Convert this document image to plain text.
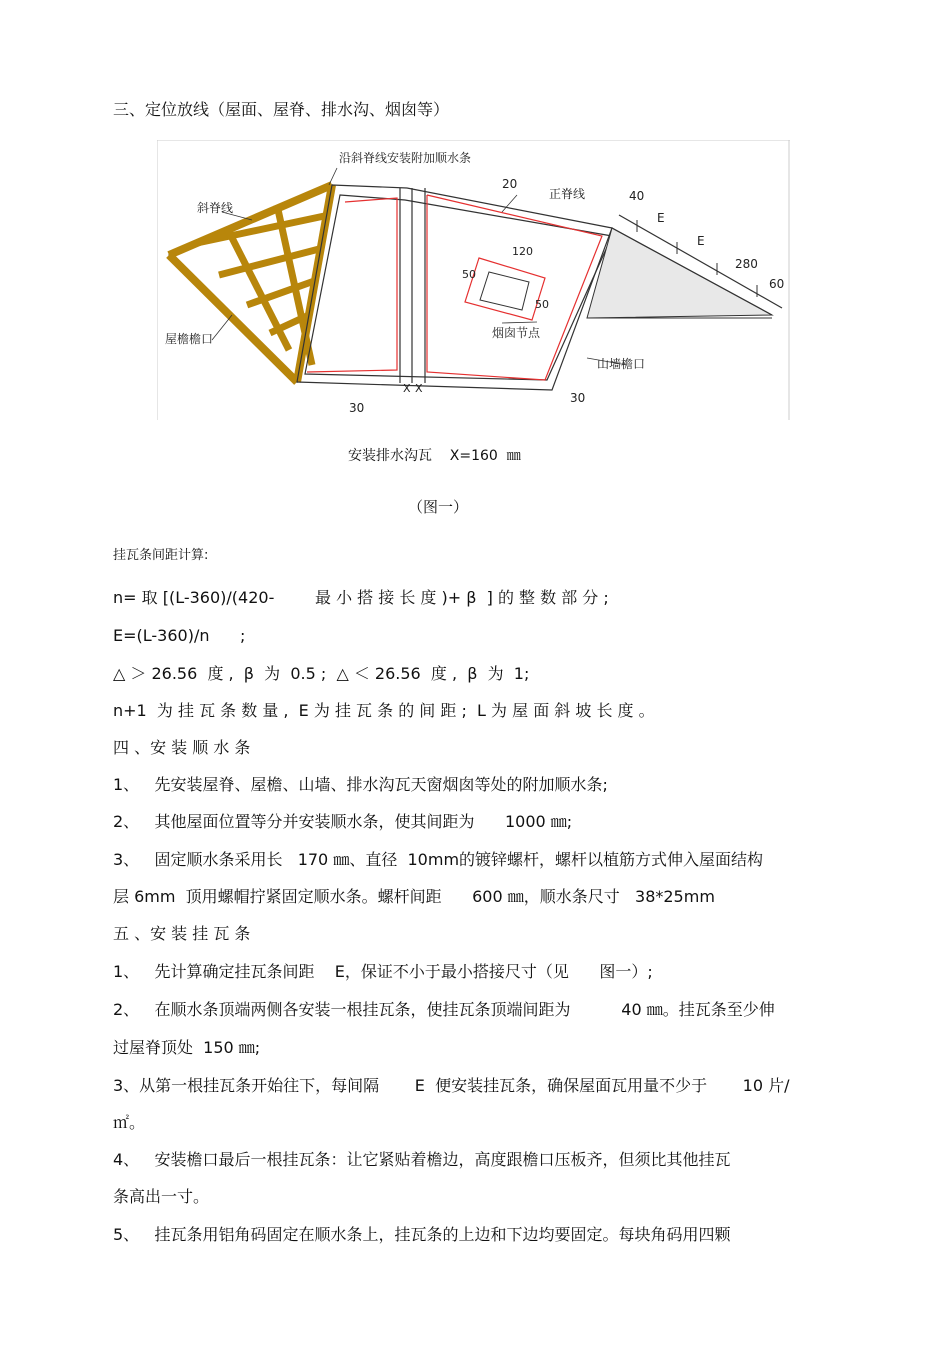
三、定位放线（屋面、屋脊、排水沟、烟囱等）
沿斜脊线安装附加顺水条
斜脊线
正脊线
屋檐檐口	烟囱节点
山墙檐口
20
40
120
50
50
E
E
280
60
30
30
X X
安装排水沟瓦    X=160  ㎜
（图一）
挂瓦条间距计算:
n= 取 [(L-360)/(420-	最 小 搭 接 长 度 )+ β  ] 的 整 数 部 分 ;
E=(L-360)/n      ;
△ ＞ 26.56  度 ,  β  为  0.5 ;  △ ＜ 26.56  度 ,  β  为  1;
n+1  为 挂 瓦 条 数 量 ,  E 为 挂 瓦 条 的 间 距 ;  L 为 屋 面 斜 坡 长 度 。
四 、安 装 顺 水 条
1、   先安装屋脊、屋檐、山墙、排水沟瓦天窗烟囱等处的附加顺水条;
2、   其他屋面位置等分并安装顺水条，使其间距为      1000 ㎜;
3、   固定顺水条采用长   170 ㎜、直径  10mm的镀锌螺杆，螺杆以植筋方式伸入屋面结构
层 6mm  顶用螺帽拧紧固定顺水条。螺杆间距      600 ㎜，顺水条尺寸   38*25mm
五 、安 装 挂 瓦 条
1、   先计算确定挂瓦条间距    E，保证不小于最小搭接尺寸（见      图一）;
2、   在顺水条顶端两侧各安装一根挂瓦条，使挂瓦条顶端间距为          40 ㎜。挂瓦条至少伸
过屋脊顶处  150 ㎜;
3、从第一根挂瓦条开始往下，每间隔       E  便安装挂瓦条，确保屋面瓦用量不少于       10 片/
㎡。
4、   安装檐口最后一根挂瓦条：让它紧贴着檐边，高度跟檐口压板齐，但须比其他挂瓦
条高出一寸。
5、   挂瓦条用铝角码固定在顺水条上，挂瓦条的上边和下边均要固定。每块角码用四颗
